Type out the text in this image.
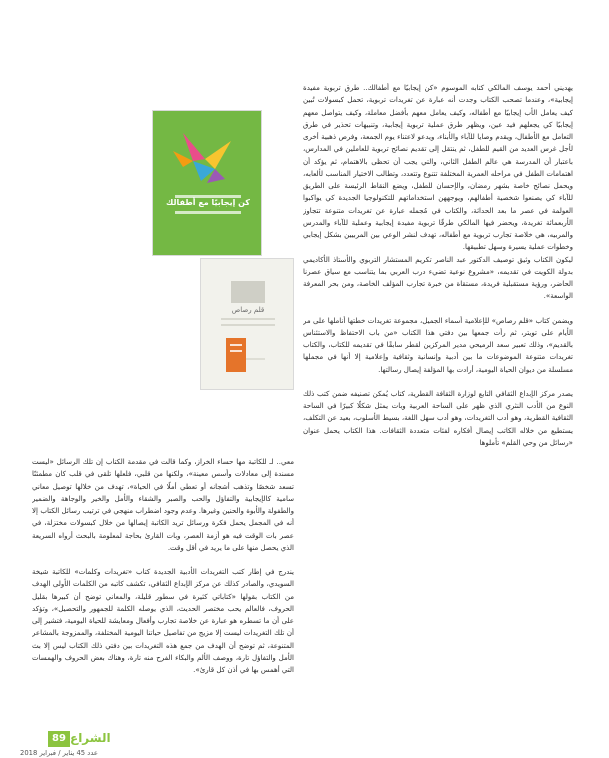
يهديني أحمد يوسف المالكي كتابه الموسوم «كن إيجابيًا مع أطفالك.. طرق تربوية مفيدة إيجابية»، وعندما تصحب الكتاب وجدت أنه عبارة عن تغريدات تربوية، تحمل كبسولات تُبين كيف يعامل الأب إيجابيًا مع أطفاله، وكيف يعامل معهم بأفضل معاملة، وكيف يتواصل معهم إيجابيًا كي يجعلهم فيد عين، ويظهر طرق عملية تربوية إيجابية، وتنبيهات تحذير في طرق التعامل مع الأطفال، ويقدم وصايا للآباء والأبناء، ويدعو لاعتناء يوم الجمعة، وفرص ذهبية أخرى لأجل غرس العديد من القيم للطفل، ثم ينتقل إلى تقديم نصائح تربوية للعاملين في المدارس، باعتبار أن المدرسة هي عالم الطفل الثاني، والتي يجب أن تحظى بالاهتمام، ثم يؤكد أن اهتمامات الطفل في مراحله العمرية المختلفة تتنوع وتتعدد، وتطالب الاختيار المناسب لألعابه، ويحمل نصائح خاصة بشهر رمضان، والإحسان للطفل، ويضع النقاط الرئيسة على الطريق للآباء كي يصنعوا شخصية أطفالهم، ويوجههن استخداماتهم للتكنولوجيا الجديدة كي يواكبوا العولمة في عصر ما بعد الحداثة، والكتاب في مُجمله عبارة عن تغريدات متنوعة تتجاوز الأربعمائة تغريدة، ويحضر فيها المالكي طرقًا تربوية مفيدة إيجابية وعملية للآباء والمدرس والمربيه، هي خلاصة تجارب تربوية مع أطفاله، تهدف لنشر الوعي بين المربيين بشكل إيجابي وخطوات عملية يسيرة وسهل تطبيقها.

ليكون الكتاب وثيق توصيف الدكتور عبد الناصر تكريم المستشار التربوي والأستاذ الأكاديمي بدولة الكويت في تقديمه، «مشروع نوعية تضيء درب العربي بما يتناسب مع سياق عصرنا الحاضر، ورؤية مستقبلية فريدة، مستقاة من خبرة تجارب المؤلف الخاصة، ومن بحر المعرفة الواسعة».

ويضمن كتاب «قلم رصاص» للإعلامية أسماء الجميل، مجموعة تغريدات خطتها أناملها على مر الأيام على تويتر، ثم رأت جمعها بين دفتي هذا الكتاب «من باب الاحتفاظ والاستئناس بالقديم»، وذلك تعبير سعد الرميحي مدير المركزين لقطر سابقًا في تقديمه للكتاب، والكتاب تغريدات متنوعة الموضوعات ما بين أدبية وإنسانية وثقافية وإعلامية إلا أنها في مجملها مسلسلة من ديوان الحياة اليومية، أرادت بها المؤلفة إيصال رسالتها.

يصدر مركز الإبداع الثقافي التابع لوزارة الثقافة القطرية، كتاب يُمكن تصنيفه ضمن كتب ذلك النوع من الأدب النثري الذي ظهر على الساحة العربية وبات يمثل شكلًا كبيرًا في الساحة الثقافية القطرية، وهو أدب التغريدات، وهو أدب سهل اللغة، بسيط الأسلوب، بعيد عن التكلف، يستطيع من خلاله الكاتب إيصال أفكاره لفئات متعددة الثقافات. هذا الكتاب يحمل عنوان «رسائل من وحي القلم» تأملوها

معي.. لـ للكاتبة مها حساء الخراز، وكما قالت في مقدمة الكتاب إن تلك الرسائل «ليست مسندة إلى معادلات وأسس معينة»، ولكنها من قلبي، فلعلها تلقى في قلب كان مطمئنًا تسعد شخصًا وتذهب أشجانه أو تعطي أملًا في الحياة»، تهدف من خلالها توصيل معاني سامية كالإيجابية والتفاؤل والحب والصبر والشقاء والأمل والخير والوجاهة والضمير والطفولة والأبوة والحنين وغيرها. وعدم وجود اضطراب منهجي في ترتيب رسائل الكتاب إلا أنه في المجمل يحمل فكرة ورسائل تريد الكاتبة إيصالها من خلال كبسولات مختزلة، في عصر بات الوقت فيه هو أزمة العصر، وبات القارئ بحاجة لمعلومة بالبحث أرواه السريعة الذي يحصل منها على ما يريد في أقل وقت.

يندرج في إطار كتب التغريدات الأدبية الجديدة كتاب «تغريدات وكلمات» للكاتبة شيخة السويدي، والصادر كذلك عن مركز الإبداع الثقافي، تكشف كاتبه من الكلمات الأولى الهدف من الكتاب بقولها «كتاباتي كثيرة في سطور قليلة، والمعاني توضح أن كبيرها بقليل الحروف، فالعالم يحب مختصر الحديث، الذي يوصله الكلمة للجمهور والتحصيل»، وتؤكد على أن ما تسطره هو عبارة عن خلاصة تجارب وأفعال ومعايشة للحياة اليومية، فتشير إلى أن تلك التغريدات ليست إلا مزيج من تفاصيل حياتنا اليومية المختلفة، والممزوجة بالمشاعر المتنوعة، ثم توضح أن الهدف من جمع هذه التغريدات بين دفتي ذلك الكتاب ليس إلا بث الأمل والتفاؤل تارة، ووصف الألم والبكاء الفرح منه تارة، وهناك بعض الحروف والهمسات التي أهمس بها في أذن كل قارئ».

كن إيجابيًا مع أطفالك
قلم رصاص
89 الشراع
عدد 45 يناير / فبراير 2018
